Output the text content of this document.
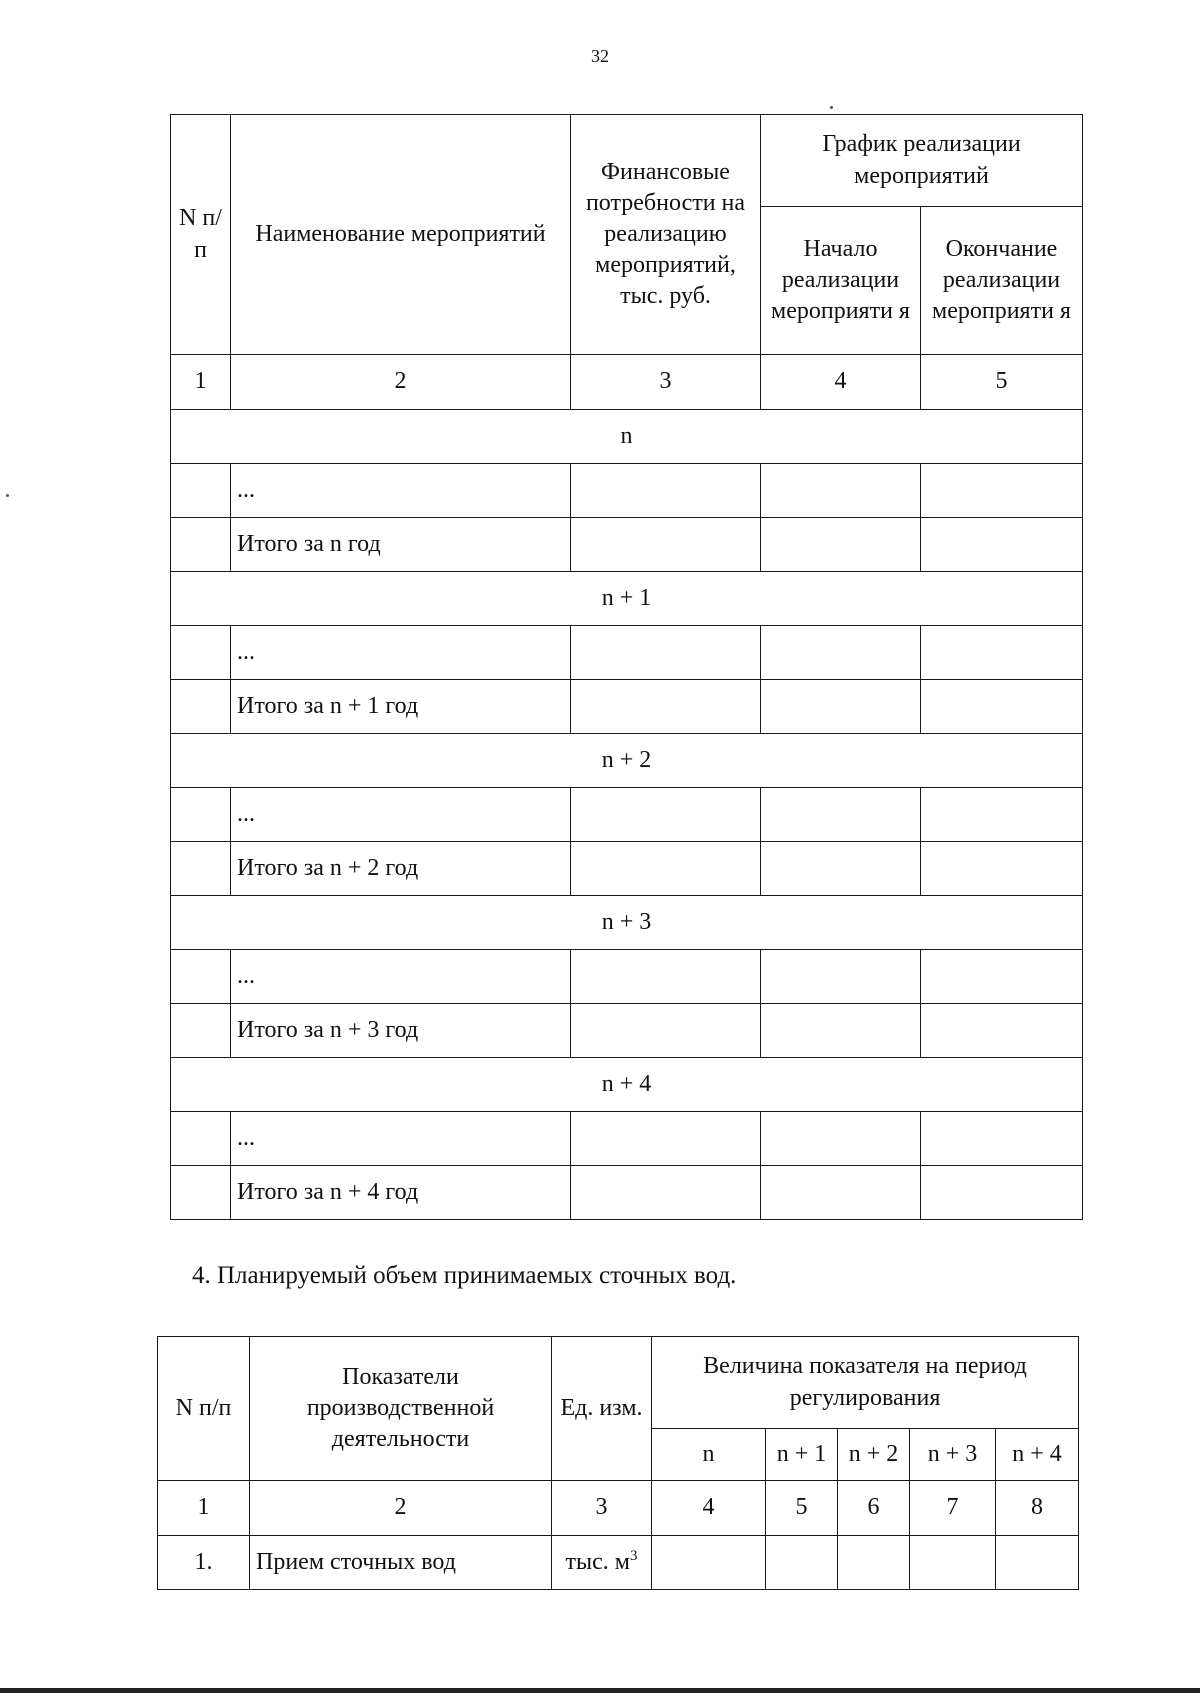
32
N п/п	Наименование мероприятий	Финансовые потребности на реализацию мероприятий, тыс. руб.	График реализации мероприятий	
			Начало реализации мероприяти я	Окончание реализации мероприяти я
1	2	3	4	5
n				
	...			
	Итого за n год			
n + 1				
	...			
	Итого за n + 1 год			
n + 2				
	...			
	Итого за n + 2 год			
n + 3				
	...			
	Итого за n + 3 год			
n + 4				
	...			
	Итого за n + 4 год			
4. Планируемый объем принимаемых сточных вод.
N п/п	Показатели производственной деятельности	Ед. изм.	Величина показателя на период регулирования				
			n	n + 1	n + 2	n + 3	n + 4
1	2	3	4	5	6	7	8
1.	Прием сточных вод	тыс. $м^3$					
